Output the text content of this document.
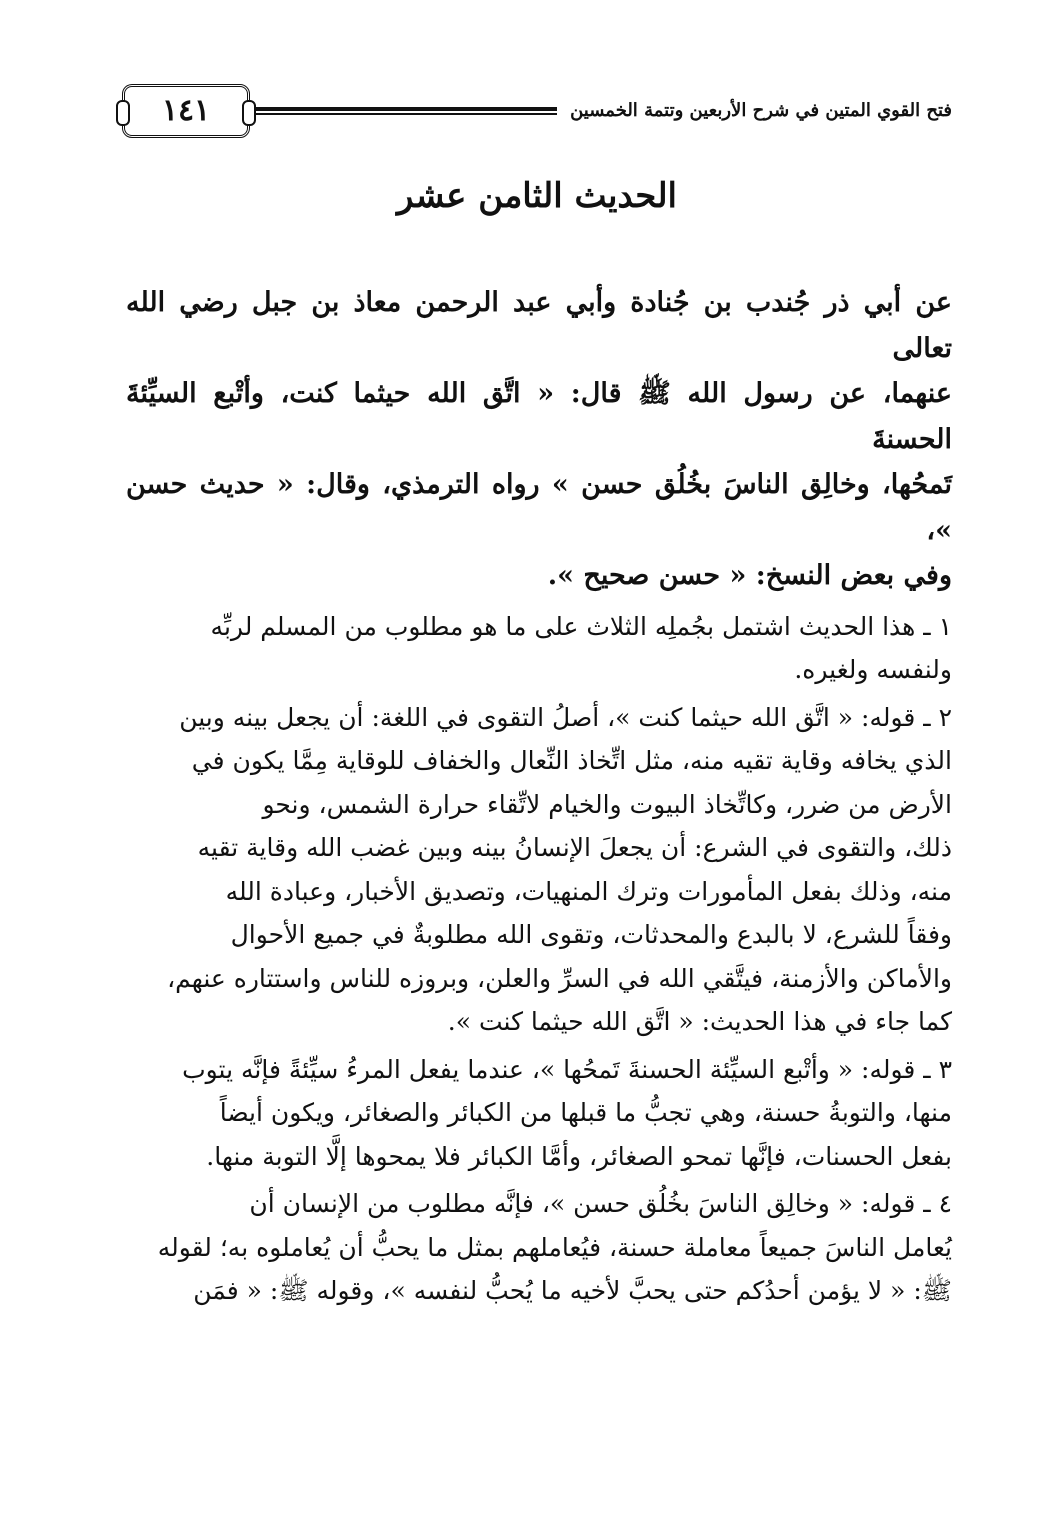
فتح القوي المتين في شرح الأربعين وتتمة الخمسين
١٤١
الحديث الثامن عشر

عن أبي ذر جُندب بن جُنادة وأبي عبد الرحمن معاذ بن جبل رضي الله تعالى
عنهما، عن رسول الله ﷺ قال: « اتَّق الله حيثما كنت، وأتْبع السيِّئةَ الحسنةَ
تَمحُها، وخالِق الناسَ بخُلُق حسن » رواه الترمذي، وقال: « حديث حسن »،
وفي بعض النسخ: « حسن صحيح ».

١ ـ هذا الحديث اشتمل بجُملِه الثلاث على ما هو مطلوب من المسلم لربِّه
ولنفسه ولغيره.

٢ ـ قوله: « اتَّق الله حيثما كنت »، أصلُ التقوى في اللغة: أن يجعل بينه وبين
الذي يخافه وقاية تقيه منه، مثل اتِّخاذ النِّعال والخفاف للوقاية مِمَّا يكون في
الأرض من ضرر، وكاتِّخاذ البيوت والخيام لاتِّقاء حرارة الشمس، ونحو
ذلك، والتقوى في الشرع: أن يجعلَ الإنسانُ بينه وبين غضب الله وقاية تقيه
منه، وذلك بفعل المأمورات وترك المنهيات، وتصديق الأخبار، وعبادة الله
وفقاً للشرع، لا بالبدع والمحدثات، وتقوى الله مطلوبةٌ في جميع الأحوال
والأماكن والأزمنة، فيتَّقي الله في السرِّ والعلن، وبروزه للناس واستتاره عنهم،
كما جاء في هذا الحديث: « اتَّق الله حيثما كنت ».

٣ ـ قوله: « وأتْبع السيِّئة الحسنةَ تَمحُها »، عندما يفعل المرءُ سيِّئةً فإنَّه يتوب
منها، والتوبةُ حسنة، وهي تجبُّ ما قبلها من الكبائر والصغائر، ويكون أيضاً
بفعل الحسنات، فإنَّها تمحو الصغائر، وأمَّا الكبائر فلا يمحوها إلَّا التوبة منها.

٤ ـ قوله: « وخالِق الناسَ بخُلُق حسن »، فإنَّه مطلوب من الإنسان أن
يُعامل الناسَ جميعاً معاملة حسنة، فيُعاملهم بمثل ما يحبُّ أن يُعاملوه به؛ لقوله
ﷺ: « لا يؤمن أحدُكم حتى يحبَّ لأخيه ما يُحبُّ لنفسه »، وقوله ﷺ: « فمَن
